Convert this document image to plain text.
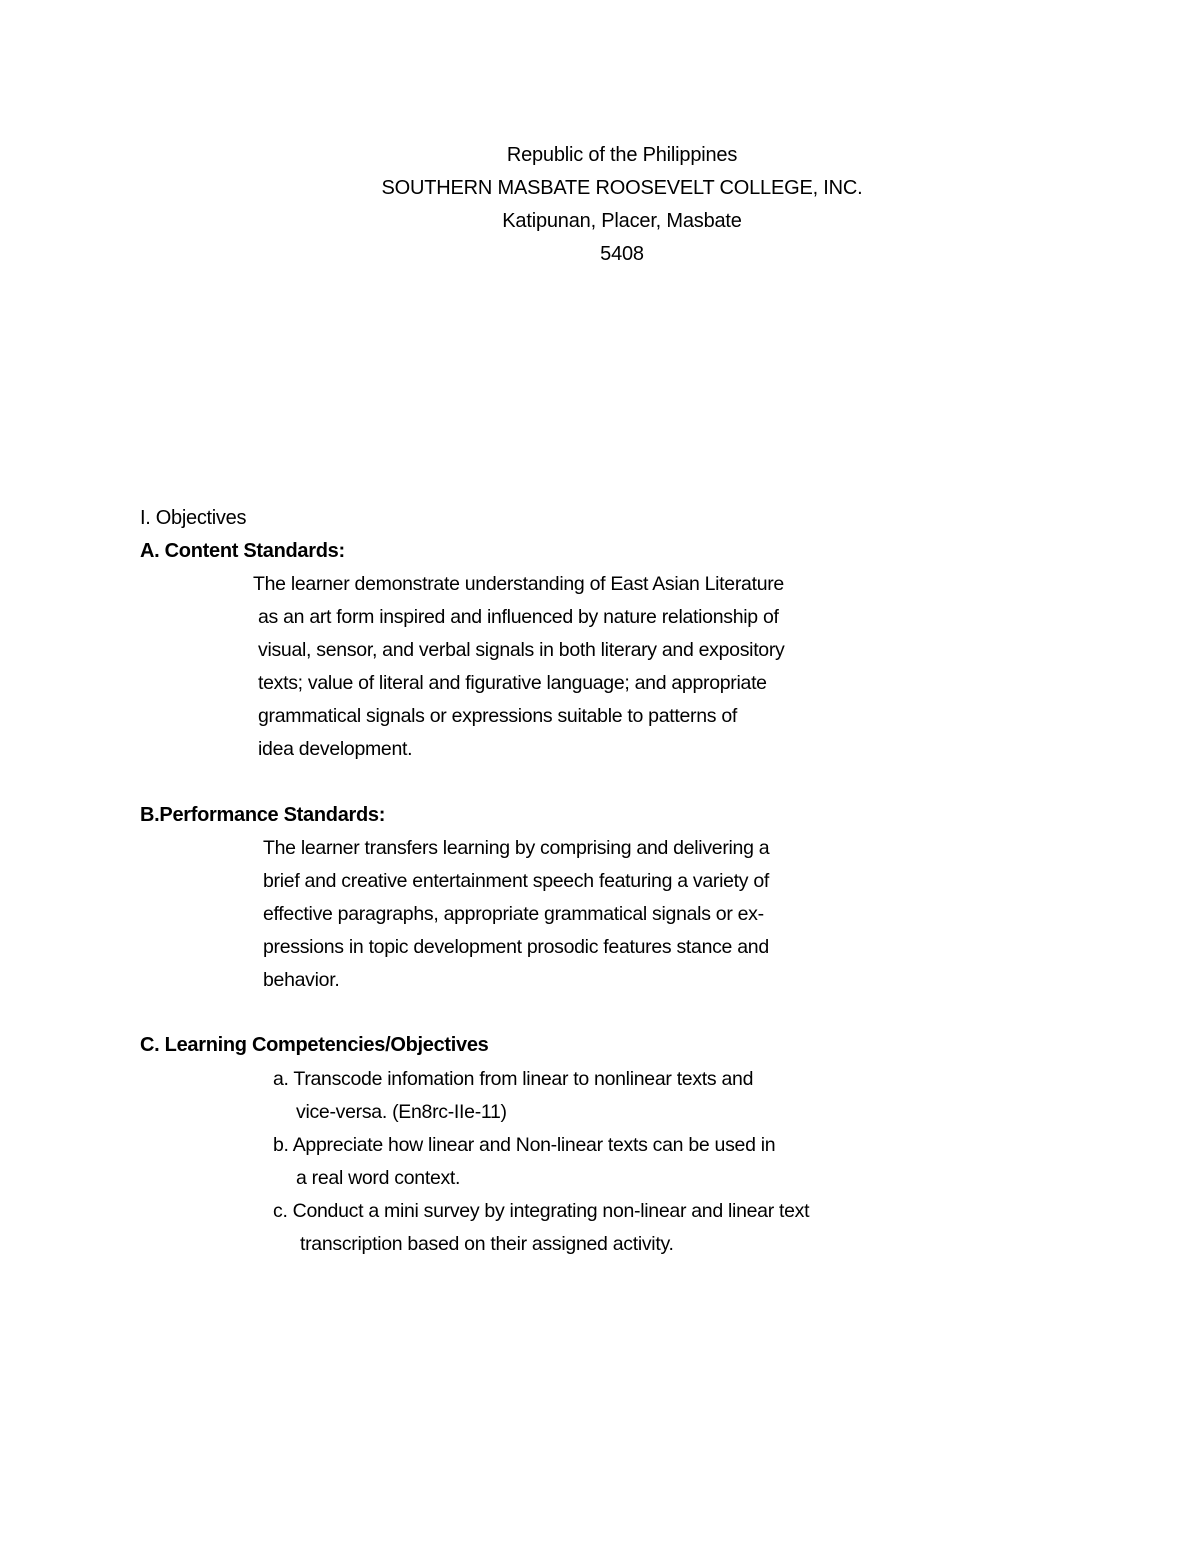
Republic of the Philippines
SOUTHERN MASBATE ROOSEVELT COLLEGE, INC.
Katipunan, Placer, Masbate
5408
I. Objectives
A. Content Standards:
The learner demonstrate understanding of East Asian Literature
as an art form inspired and influenced by nature relationship of
visual, sensor, and verbal signals in both literary and expository
texts; value of literal and figurative language; and appropriate
grammatical signals or expressions suitable to patterns of
idea development.
B.Performance Standards:
The learner transfers learning by comprising and delivering a
brief and creative entertainment speech featuring a variety of
effective paragraphs, appropriate grammatical signals or ex-
pressions in topic development prosodic features stance and
behavior.
C. Learning Competencies/Objectives
a. Transcode infomation from linear to nonlinear texts and
vice-versa. (En8rc-IIe-11)
b. Appreciate how linear and Non-linear texts can be used in
a real word context.
c. Conduct a mini survey by integrating non-linear and linear text
transcription based on their assigned activity.
